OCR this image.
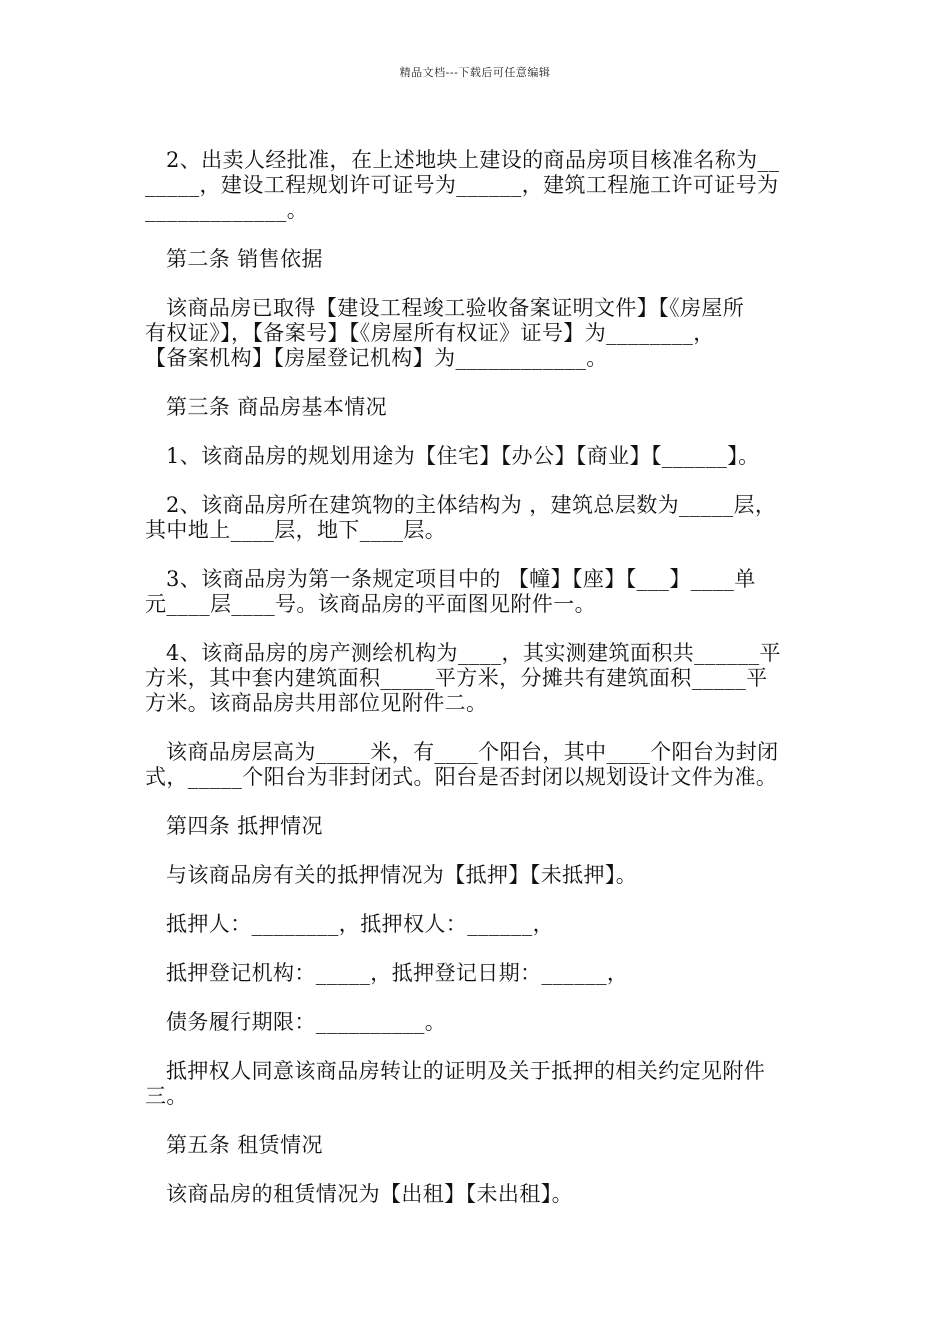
精品文档---下载后可任意编辑

2、出卖人经批准，在上述地块上建设的商品房项目核准名称为__
_____，建设工程规划许可证号为______，建筑工程施工许可证号为
_____________。

第二条 销售依据

该商品房已取得【建设工程竣工验收备案证明文件】【《房屋所
有权证》】，【备案号】【《房屋所有权证》证号】为________，
【备案机构】【房屋登记机构】为____________。

第三条 商品房基本情况

1、该商品房的规划用途为【住宅】【办公】【商业】【______】。

2、该商品房所在建筑物的主体结构为 ，建筑总层数为_____层，
其中地上____层，地下____层。

3、该商品房为第一条规定项目中的 【幢】【座】【___】____单
元____层____号。该商品房的平面图见附件一。

4、该商品房的房产测绘机构为____，其实测建筑面积共______平
方米，其中套内建筑面积_____平方米，分摊共有建筑面积_____平
方米。该商品房共用部位见附件二。

该商品房层高为_____米，有____个阳台，其中____个阳台为封闭
式，_____个阳台为非封闭式。阳台是否封闭以规划设计文件为准。

第四条 抵押情况

与该商品房有关的抵押情况为【抵押】【未抵押】。

抵押人：________，抵押权人：______，

抵押登记机构：_____，抵押登记日期：______，

债务履行期限：__________。

抵押权人同意该商品房转让的证明及关于抵押的相关约定见附件
三。

第五条 租赁情况

该商品房的租赁情况为【出租】【未出租】。
